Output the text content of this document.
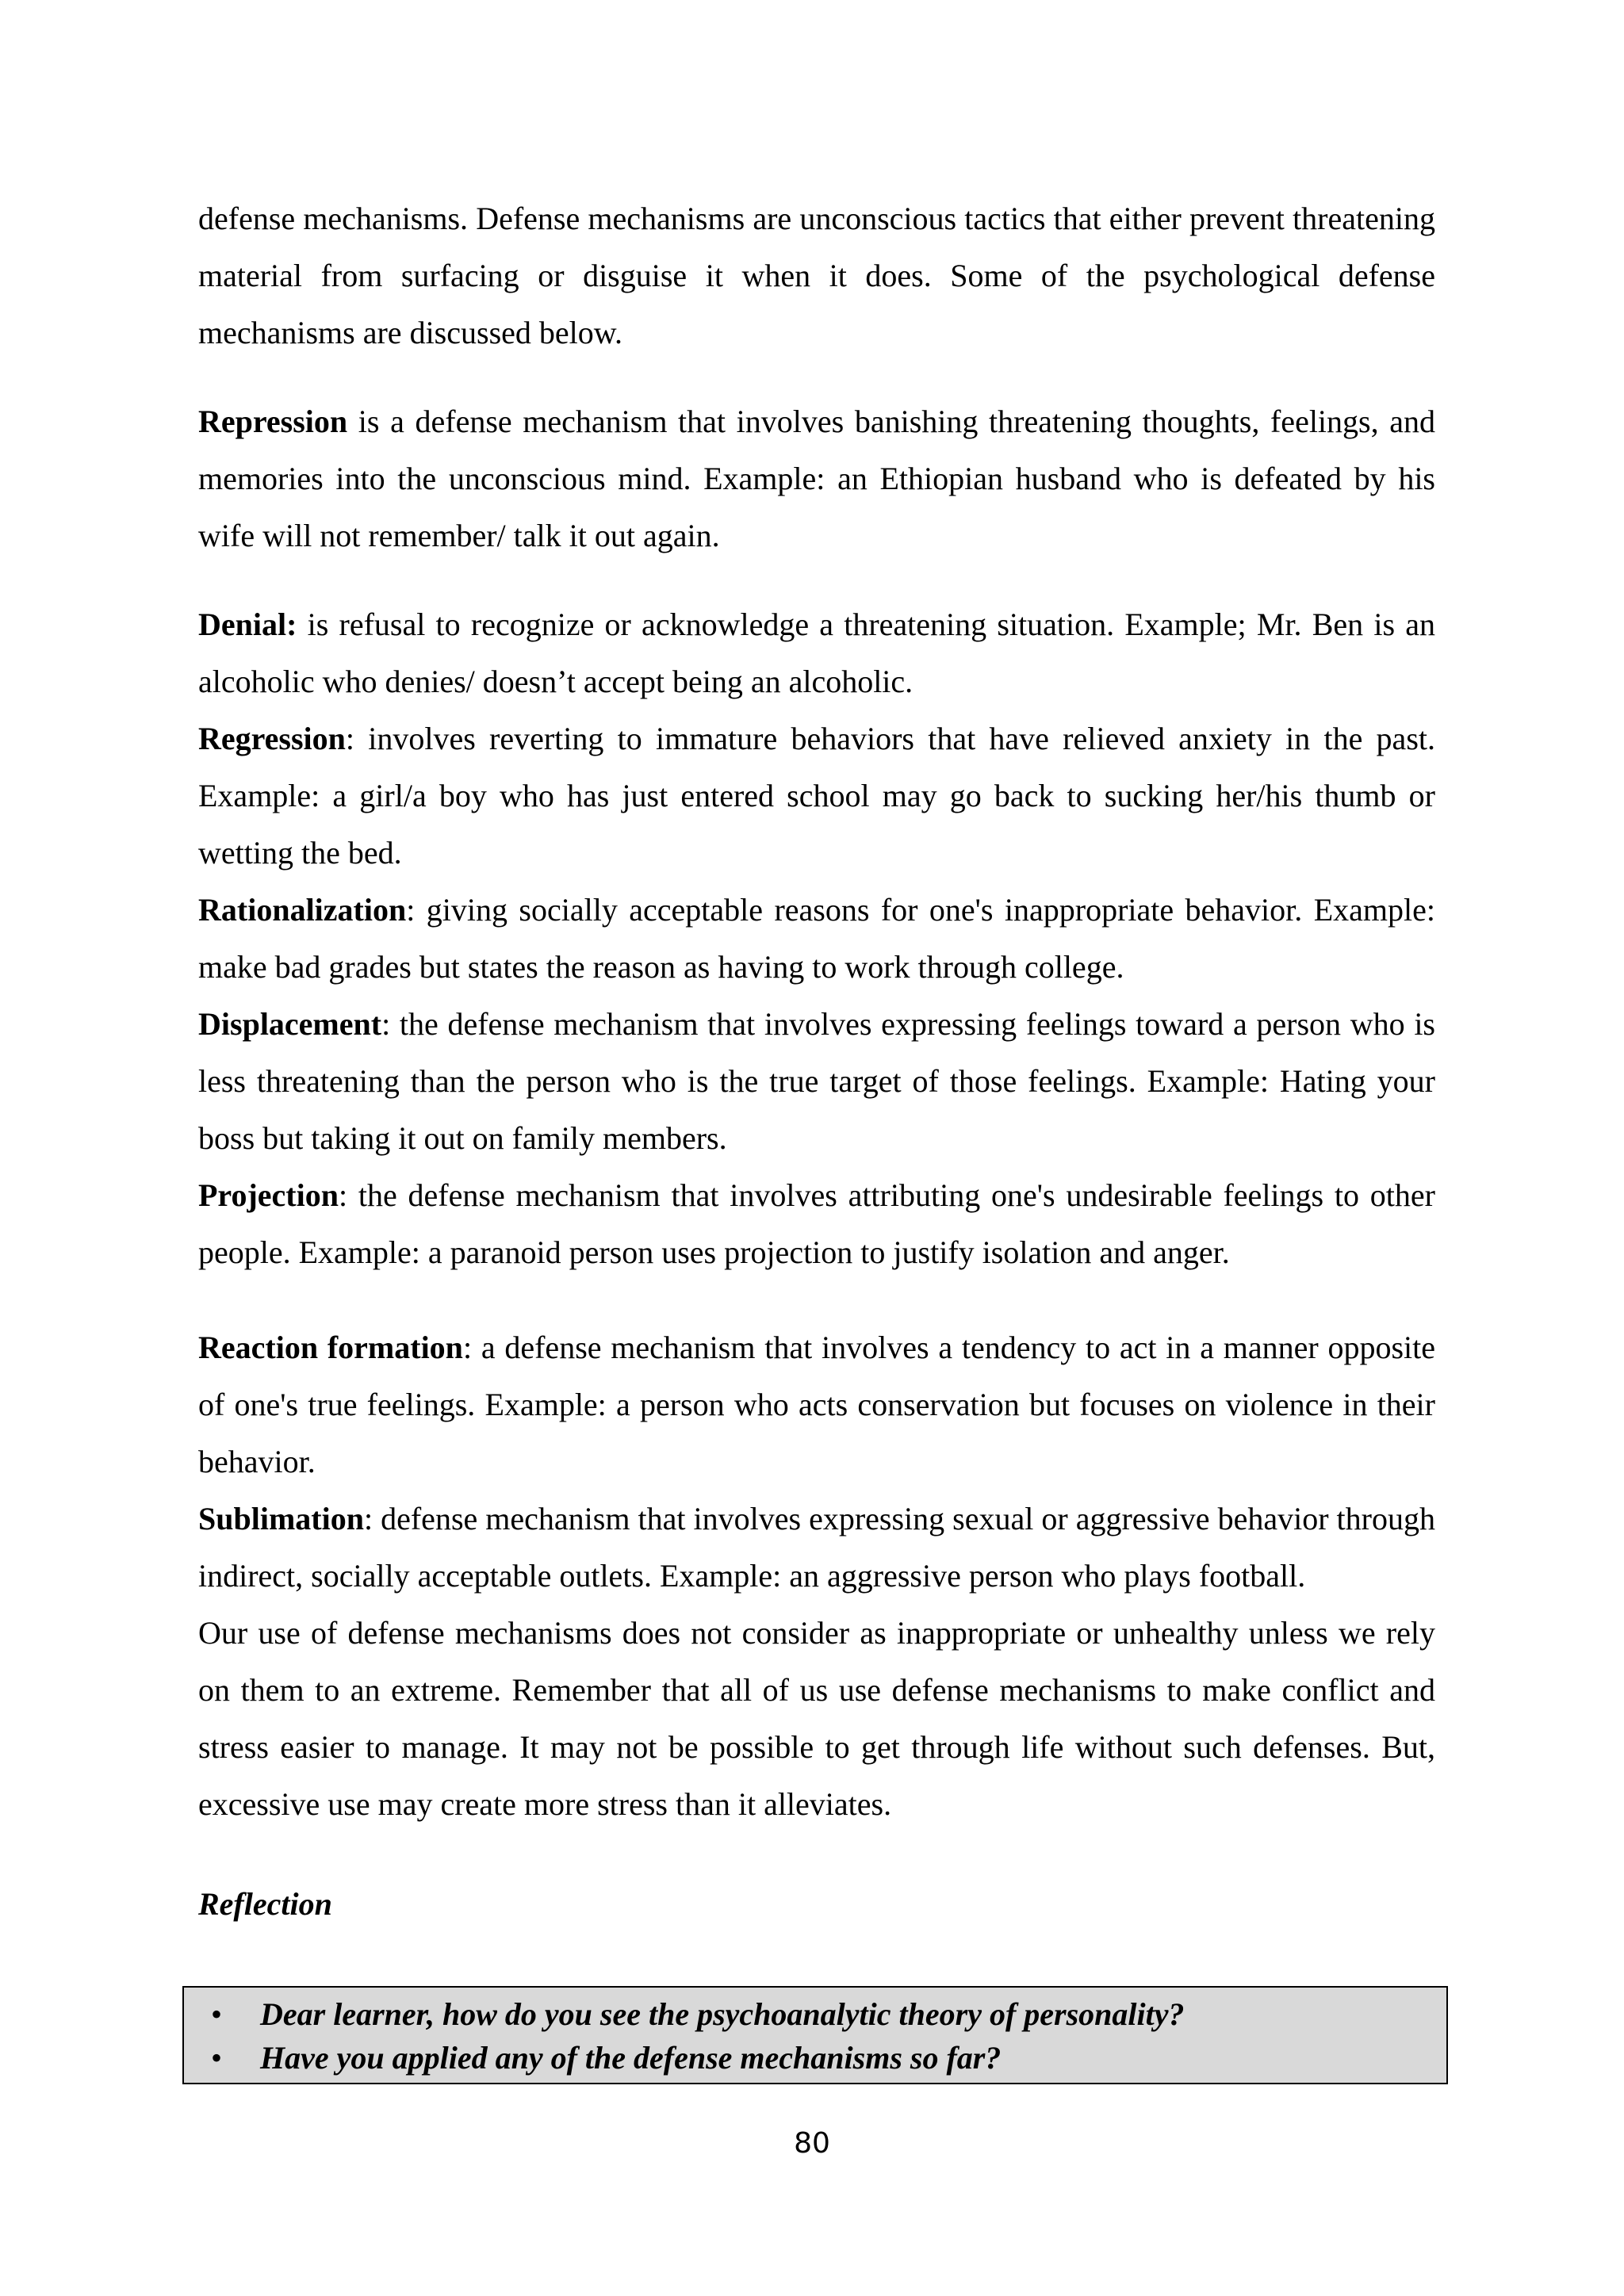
defense mechanisms. Defense mechanisms are unconscious tactics that either prevent threatening material from surfacing or disguise it when it does. Some of the psychological defense mechanisms are discussed below.

Repression is a defense mechanism that involves banishing threatening thoughts, feelings, and memories into the unconscious mind. Example: an Ethiopian husband who is defeated by his wife will not remember/ talk it out again.

Denial: is refusal to recognize or acknowledge a threatening situation. Example; Mr. Ben is an alcoholic who denies/ doesn’t accept being an alcoholic.

Regression: involves reverting to immature behaviors that have relieved anxiety in the past. Example: a girl/a boy who has just entered school may go back to sucking her/his thumb or wetting the bed.

Rationalization: giving socially acceptable reasons for one's inappropriate behavior. Example: make bad grades but states the reason as having to work through college.

Displacement: the defense mechanism that involves expressing feelings toward a person who is less threatening than the person who is the true target of those feelings. Example: Hating your boss but taking it out on family members.

Projection: the defense mechanism that involves attributing one's undesirable feelings to other people. Example: a paranoid person uses projection to justify isolation and anger.

Reaction formation: a defense mechanism that involves a tendency to act in a manner opposite of one's true feelings. Example: a person who acts conservation but focuses on violence in their behavior.

Sublimation: defense mechanism that involves expressing sexual or aggressive behavior through indirect, socially acceptable outlets. Example: an aggressive person who plays football.

Our use of defense mechanisms does not consider as inappropriate or unhealthy unless we rely on them to an extreme. Remember that all of us use defense mechanisms to make conflict and stress easier to manage. It may not be possible to get through life without such defenses. But, excessive use may create more stress than it alleviates.

Reflection
• Dear learner, how do you see the psychoanalytic theory of personality?
• Have you applied any of the defense mechanisms so far?
80
